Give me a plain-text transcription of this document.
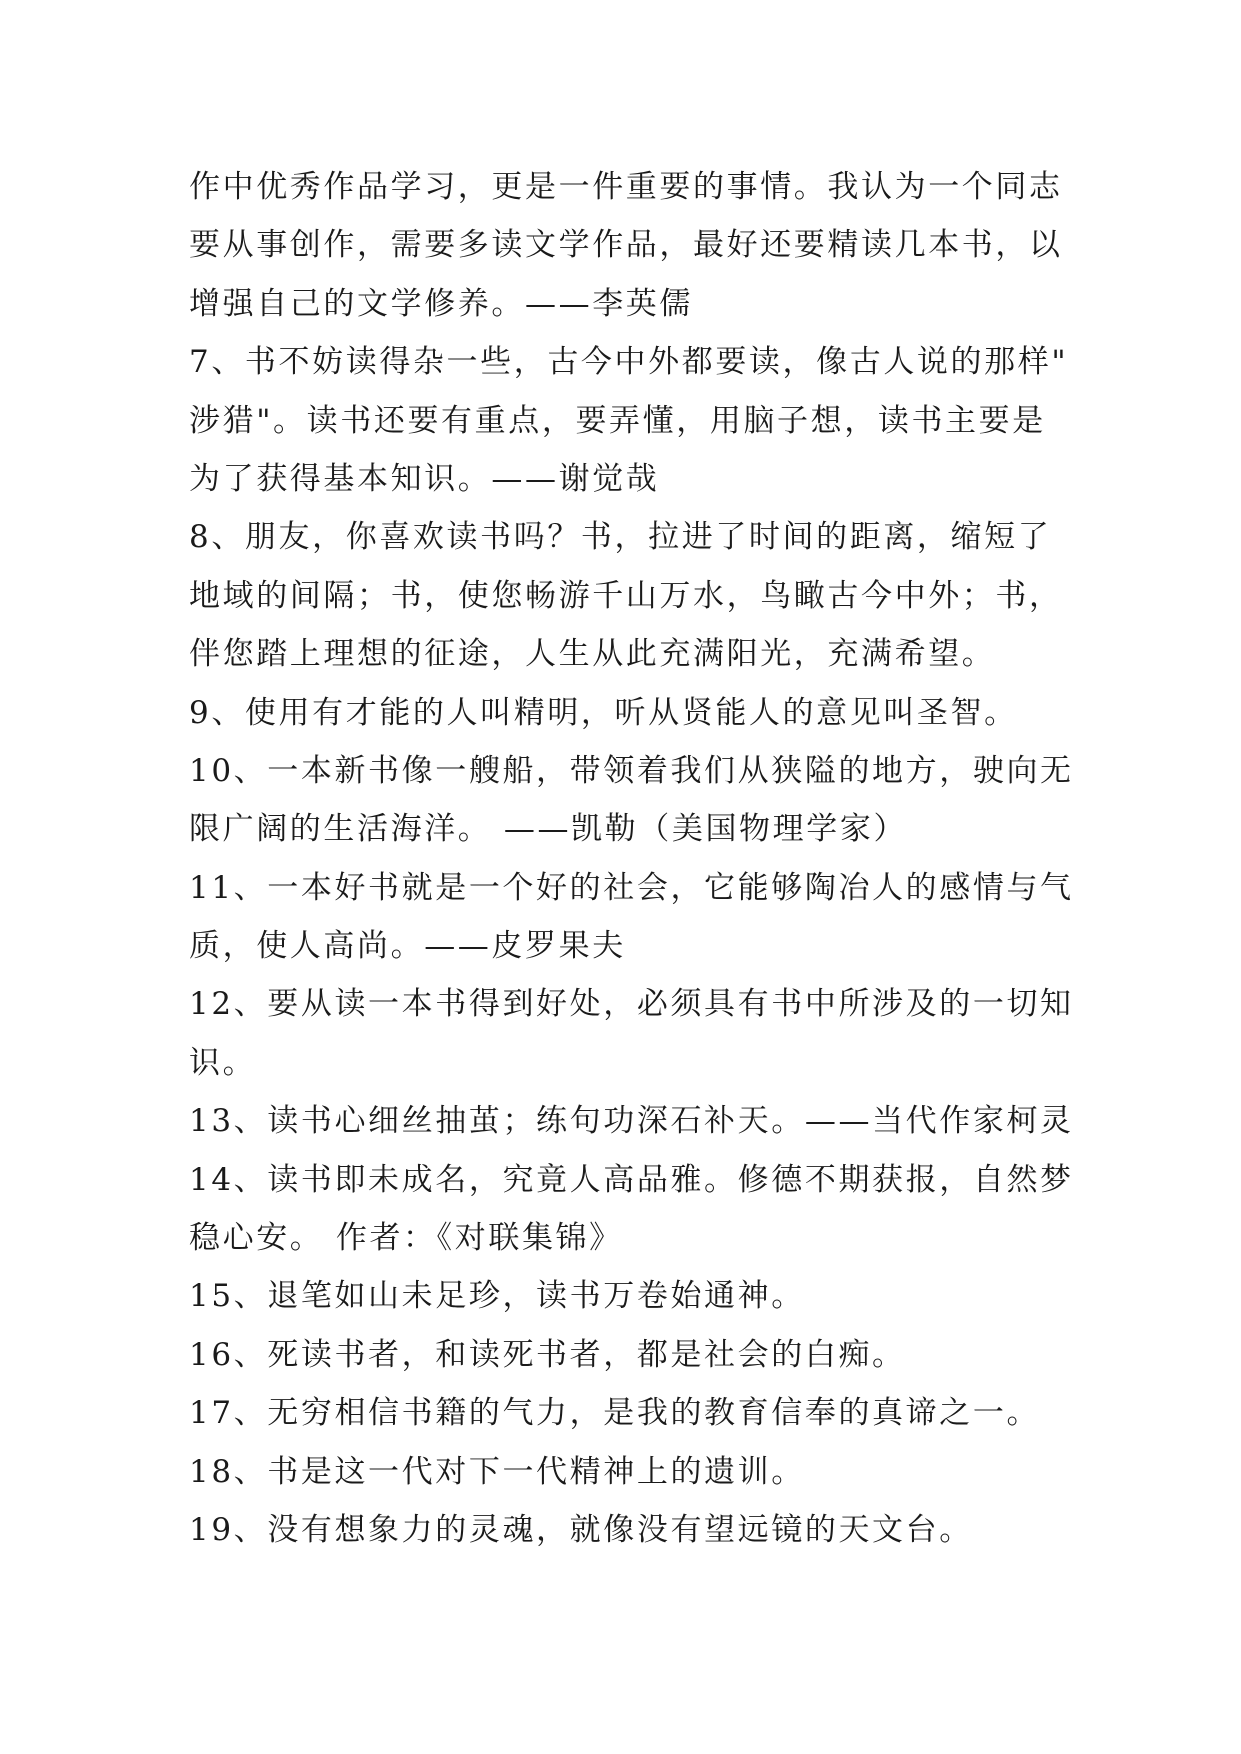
作中优秀作品学习，更是一件重要的事情。我认为一个同志
要从事创作，需要多读文学作品，最好还要精读几本书，以
增强自己的文学修养。——李英儒
7、书不妨读得杂一些，古今中外都要读，像古人说的那样"
涉猎"。读书还要有重点，要弄懂，用脑子想，读书主要是
为了获得基本知识。——谢觉哉
8、朋友，你喜欢读书吗？书，拉进了时间的距离，缩短了
地域的间隔；书，使您畅游千山万水，鸟瞰古今中外；书，
伴您踏上理想的征途，人生从此充满阳光，充满希望。
9、使用有才能的人叫精明，听从贤能人的意见叫圣智。
10、一本新书像一艘船，带领着我们从狭隘的地方，驶向无
限广阔的生活海洋。 ——凯勒（美国物理学家）
11、一本好书就是一个好的社会，它能够陶冶人的感情与气
质，使人高尚。——皮罗果夫
12、要从读一本书得到好处，必须具有书中所涉及的一切知
识。
13、读书心细丝抽茧；练句功深石补天。——当代作家柯灵
14、读书即未成名，究竟人高品雅。修德不期获报，自然梦
稳心安。 作者：《对联集锦》
15、退笔如山未足珍，读书万卷始通神。
16、死读书者，和读死书者，都是社会的白痴。
17、无穷相信书籍的气力，是我的教育信奉的真谛之一。
18、书是这一代对下一代精神上的遗训。
19、没有想象力的灵魂，就像没有望远镜的天文台。
